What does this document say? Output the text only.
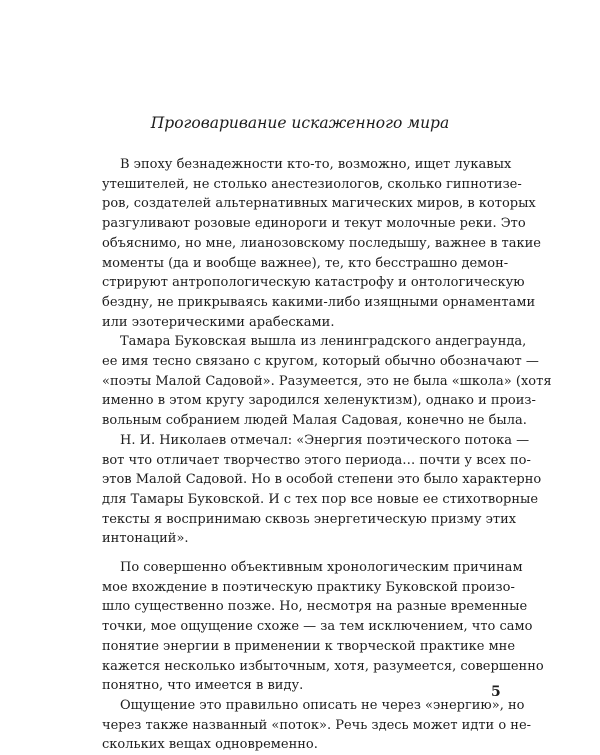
Проговаривание искаженного мира

В эпоху безнадежности кто-то, возможно, ищет лукавых
утешителей, не столько анестезиологов, сколько гипнотизе-
ров, создателей альтернативных магических миров, в которых
разгуливают розовые единороги и текут молочные реки. Это
объяснимо, но мне, лианозовскому последышу, важнее в такие
моменты (да и вообще важнее), те, кто бесстрашно демон-
стрируют антропологическую катастрофу и онтологическую
бездну, не прикрываясь какими-либо изящными орнаментами
или эзотерическими арабесками.

Тамара Буковская вышла из ленинградского андеграунда,
ее имя тесно связано с кругом, который обычно обозначают —
«поэты Малой Садовой». Разумеется, это не была «школа» (хотя
именно в этом кругу зародился хеленуктизм), однако и произ-
вольным собранием людей Малая Садовая, конечно не была.

Н. И. Николаев отмечал: «Энергия поэтического потока —
вот что отличает творчество этого периода… почти у всех по-
этов Малой Садовой. Но в особой степени это было характерно
для Тамары Буковской. И с тех пор все новые ее стихотворные
тексты я воспринимаю сквозь энергетическую призму этих
интонаций».

По совершенно объективным хронологическим причинам
мое вхождение в поэтическую практику Буковской произо-
шло существенно позже. Но, несмотря на разные временные
точки, мое ощущение схоже — за тем исключением, что само
понятие энергии в применении к творческой практике мне
кажется несколько избыточным, хотя, разумеется, совершенно
понятно, что имеется в виду.

Ощущение это правильно описать не через «энергию», но
через также названный «поток». Речь здесь может идти о не-
скольких вещах одновременно.

5
